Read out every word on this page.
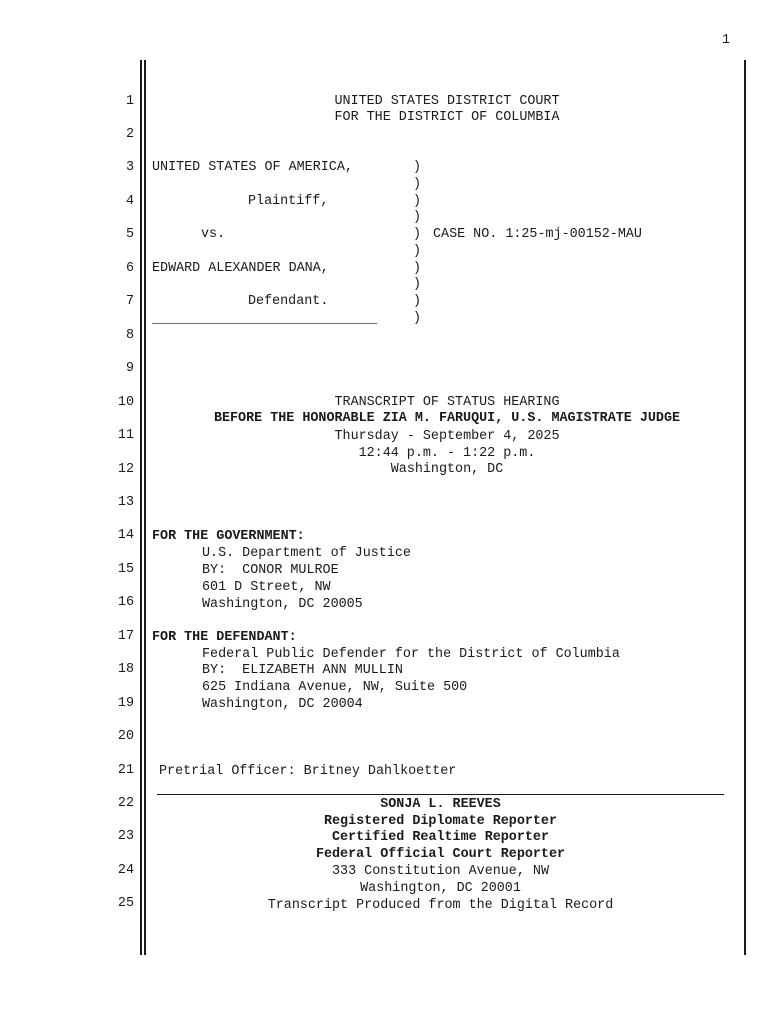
1
1
2
3
4
5
6
7
8
9
10
11
12
13
14
15
16
17
18
19
20
21
22
23
24
25
UNITED STATES DISTRICT COURT
FOR THE DISTRICT OF COLUMBIA
UNITED STATES OF AMERICA,
Plaintiff,
vs.
EDWARD ALEXANDER DANA,
Defendant.
____________________________
)
)
)
)
)
)
)
)
)
)
CASE NO. 1:25-mj-00152-MAU
TRANSCRIPT OF STATUS HEARING
BEFORE THE HONORABLE ZIA M. FARUQUI, U.S. MAGISTRATE JUDGE
Thursday - September 4, 2025
12:44 p.m. - 1:22 p.m.
Washington, DC
FOR THE GOVERNMENT:
U.S. Department of Justice
BY:  CONOR MULROE
601 D Street, NW
Washington, DC 20005
FOR THE DEFENDANT:
Federal Public Defender for the District of Columbia
BY:  ELIZABETH ANN MULLIN
625 Indiana Avenue, NW, Suite 500
Washington, DC 20004
Pretrial Officer: Britney Dahlkoetter
SONJA L. REEVES
Registered Diplomate Reporter
Certified Realtime Reporter
Federal Official Court Reporter
333 Constitution Avenue, NW
Washington, DC 20001
Transcript Produced from the Digital Record
